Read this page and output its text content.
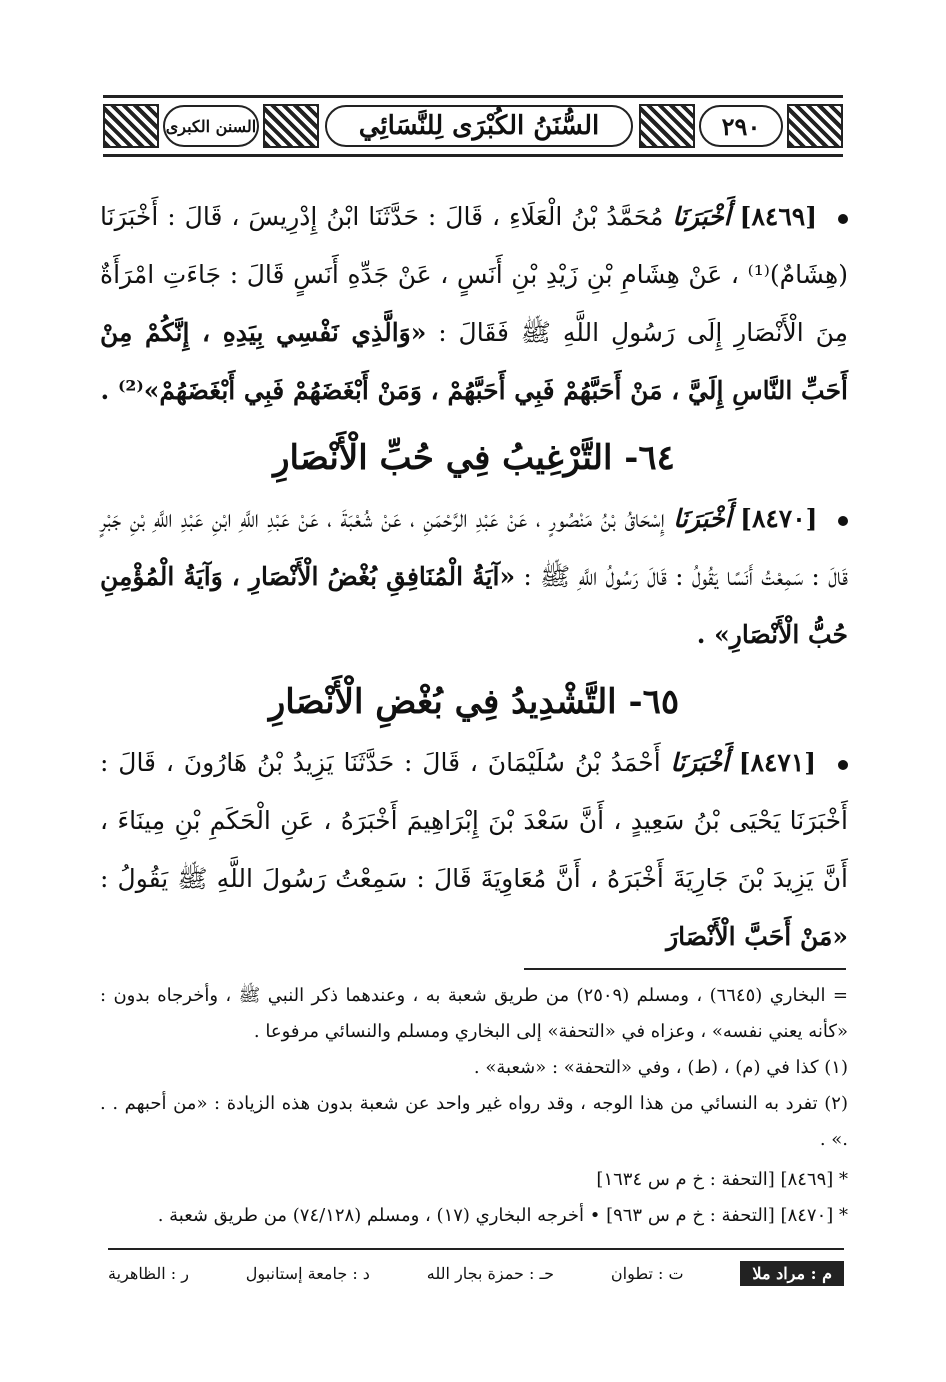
السنن الكبرى	السُّنَنُ الكُبْرَى لِلنَّسَائِي	٢٩٠

[٨٤٦٩] أَخْبَرَنَا مُحَمَّدُ بْنُ الْعَلَاءِ ، قَالَ : حَدَّثَنَا ابْنُ إِدْرِيسَ ، قَالَ : أَخْبَرَنَا (هِشَامٌ)⁽¹⁾ ، عَنْ هِشَامِ بْنِ زَيْدِ بْنِ أَنَسٍ ، عَنْ جَدِّهِ أَنَسٍ قَالَ : جَاءَتِ امْرَأَةٌ مِنَ الْأَنْصَارِ إِلَى رَسُولِ اللَّهِ ﷺ فَقَالَ : «وَالَّذِي نَفْسِي بِيَدِهِ ، إِنَّكُمْ مِنْ أَحَبِّ النَّاسِ إِلَيَّ ، مَنْ أَحَبَّهُمْ فَبِي أَحَبَّهُمْ ، وَمَنْ أَبْغَضَهُمْ فَبِي أَبْغَضَهُمْ»⁽²⁾ .

٦٤- التَّرْغِيبُ فِي حُبِّ الْأَنْصَارِ

[٨٤٧٠] أَخْبَرَنَا إِسْحَاقُ بْنُ مَنْصُورٍ ، عَنْ عَبْدِ الرَّحْمَنِ ، عَنْ شُعْبَةَ ، عَنْ عَبْدِ اللَّهِ ابْنِ عَبْدِ اللَّهِ بْنِ جَبْرٍ قَالَ : سَمِعْتُ أَنَسًا يَقُولُ : قَالَ رَسُولُ اللَّهِ ﷺ : «آيَةُ الْمُنَافِقِ بُغْضُ الْأَنْصَارِ ، وَآيَةُ الْمُؤْمِنِ حُبُّ الْأَنْصَارِ» .

٦٥- التَّشْدِيدُ فِي بُغْضِ الْأَنْصَارِ

[٨٤٧١] أَخْبَرَنَا أَحْمَدُ بْنُ سُلَيْمَانَ ، قَالَ : حَدَّثَنَا يَزِيدُ بْنُ هَارُونَ ، قَالَ : أَخْبَرَنَا يَحْيَى بْنُ سَعِيدٍ ، أَنَّ سَعْدَ بْنَ إِبْرَاهِيمَ أَخْبَرَهُ ، عَنِ الْحَكَمِ بْنِ مِينَاءَ ، أَنَّ يَزِيدَ بْنَ جَارِيَةَ أَخْبَرَهُ ، أَنَّ مُعَاوِيَةَ قَالَ : سَمِعْتُ رَسُولَ اللَّهِ ﷺ يَقُولُ : «مَنْ أَحَبَّ الْأَنْصَارَ

= البخاري (٦٦٤٥) ، ومسلم (٢٥٠٩) من طريق شعبة به ، وعندهما ذكر النبي ﷺ ، وأخرجاه بدون : «كأنه يعني نفسه» ، وعزاه في «التحفة» إلى البخاري ومسلم والنسائي مرفوعا .

(١) كذا في (م) ، (ط) ، وفي «التحفة» : «شعبة» .

(٢) تفرد به النسائي من هذا الوجه ، وقد رواه غير واحد عن شعبة بدون هذه الزيادة : «من أحبهم . . .» .

* [٨٤٦٩] [التحفة : خ م س ١٦٣٤]

* [٨٤٧٠] [التحفة : خ م س ٩٦٣] • أخرجه البخاري (١٧) ، ومسلم (٧٤/١٢٨) من طريق شعبة .

م : مراد ملا
ت : تطوان
حـ : حمزة بجار الله
د : جامعة إستانبول
ر : الظاهرية
